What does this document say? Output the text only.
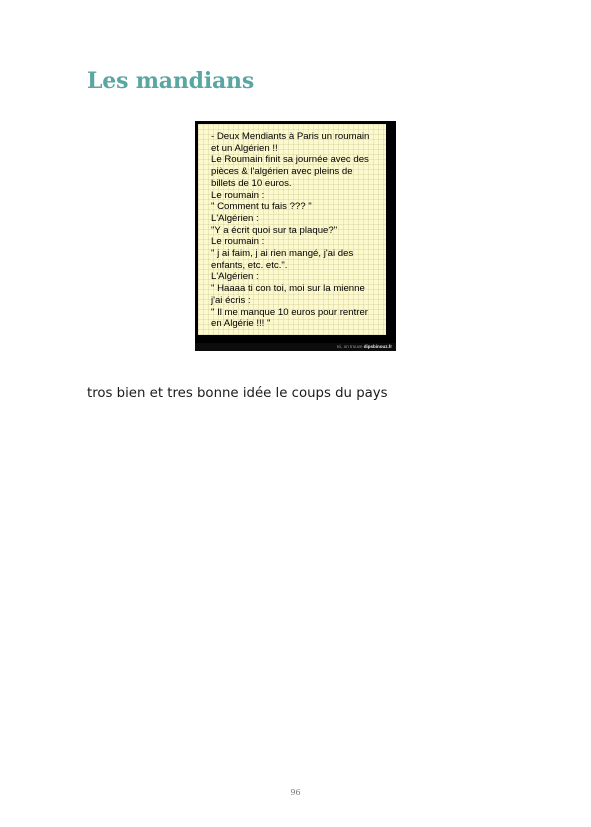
Les mandians
- Deux Mendiants à Paris un roumain
et un Algérien !!
Le Roumain finit sa journée avec des
pièces & l'algérien avec pleins de
billets de 10 euros.
Le roumain :
" Comment tu fais ??? "
L'Algérien :
"Y a écrit quoi sur ta plaque?"
Le roumain :
" j ai faim, j ai rien mangé, j'ai des
enfants, etc. etc.".
L'Algérien :
" Haaaa ti con toi, moi sur la mienne
j'ai écris :
" Il me manque 10 euros pour rentrer
en Algérie !!! "
Ici, on trouve dipsbinouz.fr

tros bien et tres bonne idée le coups du pays

96
